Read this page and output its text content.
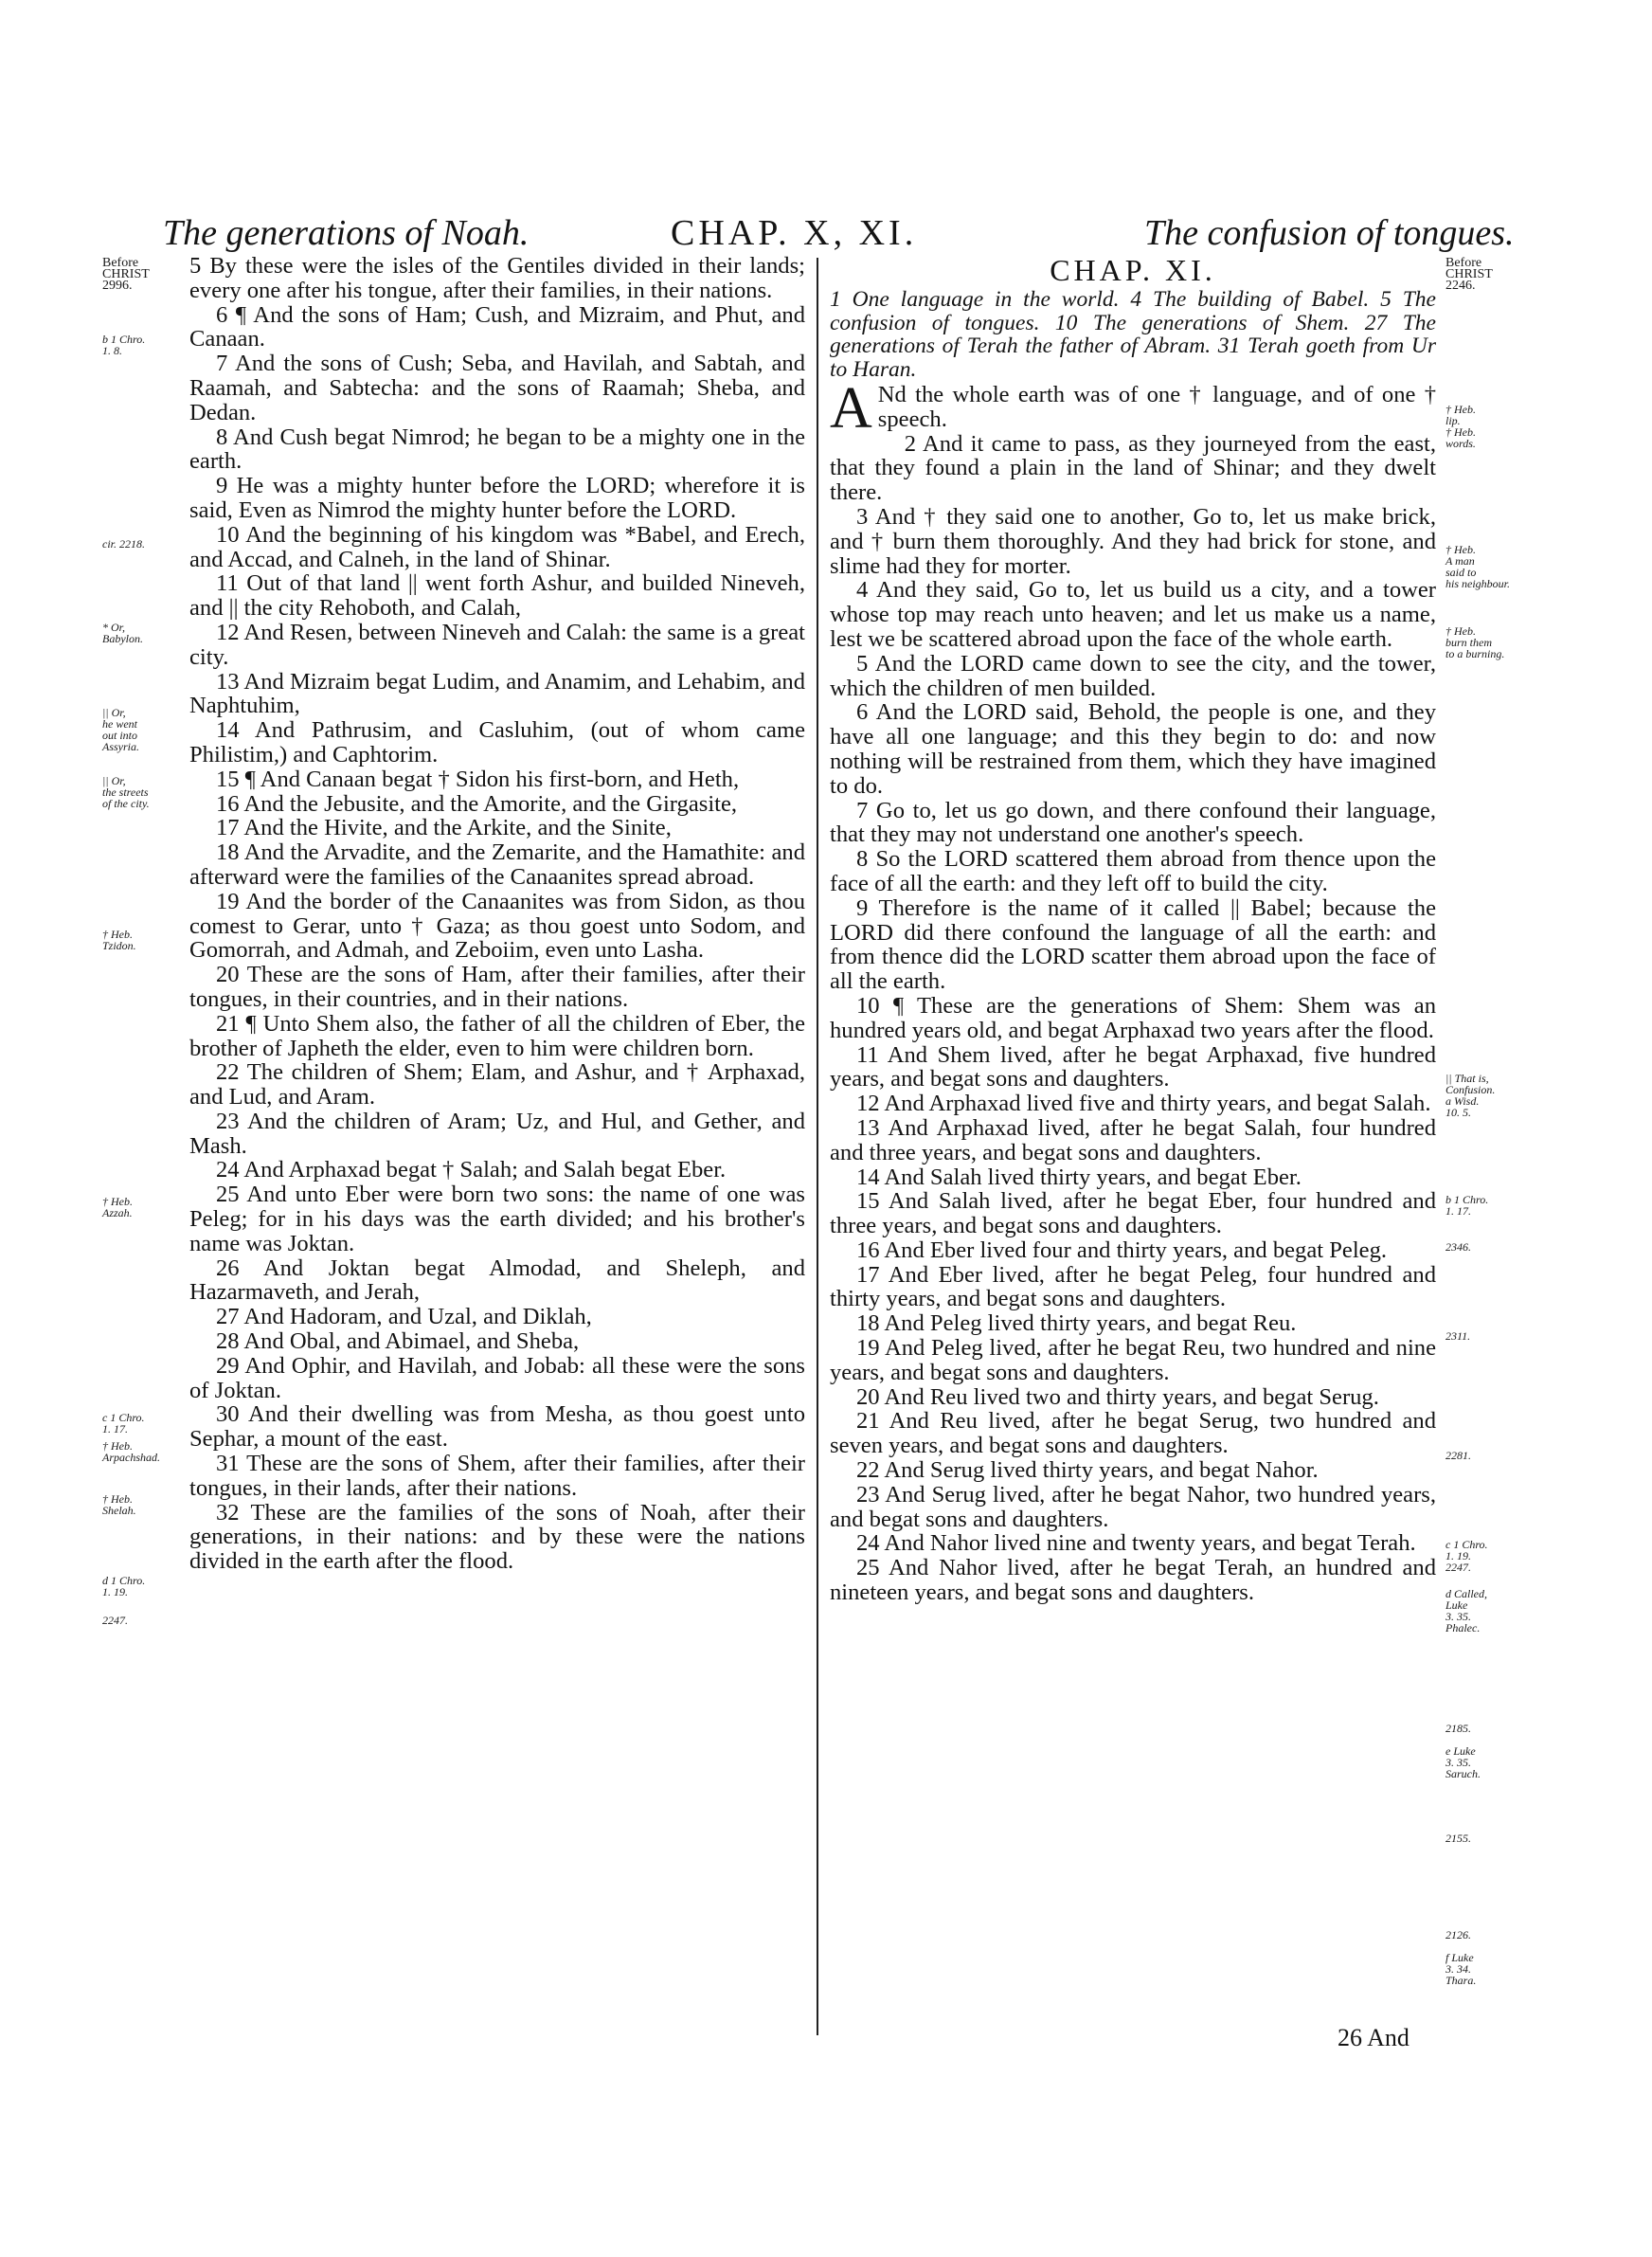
The generations of Noah.	CHAP. X, XI.	The confusion of tongues.

5 By these were the isles of the Gentiles divided in their lands; every one after his tongue, after their families, in their nations.

6 ¶ And the sons of Ham; Cush, and Mizraim, and Phut, and Canaan.

7 And the sons of Cush; Seba, and Havilah, and Sabtah, and Raamah, and Sabtecha: and the sons of Raamah; Sheba, and Dedan.

8 And Cush begat Nimrod; he began to be a mighty one in the earth.

9 He was a mighty hunter before the LORD; wherefore it is said, Even as Nimrod the mighty hunter before the LORD.

10 And the beginning of his kingdom was *Babel, and Erech, and Accad, and Calneh, in the land of Shinar.

11 Out of that land || went forth Ashur, and builded Nineveh, and || the city Rehoboth, and Calah,

12 And Resen, between Nineveh and Calah: the same is a great city.

13 And Mizraim begat Ludim, and Anamim, and Lehabim, and Naphtuhim,

14 And Pathrusim, and Casluhim, (out of whom came Philistim,) and Caphtorim.

15 ¶ And Canaan begat † Sidon his first-born, and Heth,

16 And the Jebusite, and the Amorite, and the Girgasite,

17 And the Hivite, and the Arkite, and the Sinite,

18 And the Arvadite, and the Zemarite, and the Hamathite: and afterward were the families of the Canaanites spread abroad.

19 And the border of the Canaanites was from Sidon, as thou comest to Gerar, unto † Gaza; as thou goest unto Sodom, and Gomorrah, and Admah, and Zeboiim, even unto Lasha.

20 These are the sons of Ham, after their families, after their tongues, in their countries, and in their nations.

21 ¶ Unto Shem also, the father of all the children of Eber, the brother of Japheth the elder, even to him were children born.

22 The children of Shem; Elam, and Ashur, and † Arphaxad, and Lud, and Aram.

23 And the children of Aram; Uz, and Hul, and Gether, and Mash.

24 And Arphaxad begat † Salah; and Salah begat Eber.

25 And unto Eber were born two sons: the name of one was Peleg; for in his days was the earth divided; and his brother's name was Joktan.

26 And Joktan begat Almodad, and Sheleph, and Hazarmaveth, and Jerah,

27 And Hadoram, and Uzal, and Diklah,

28 And Obal, and Abimael, and Sheba,

29 And Ophir, and Havilah, and Jobab: all these were the sons of Joktan.

30 And their dwelling was from Mesha, as thou goest unto Sephar, a mount of the east.

31 These are the sons of Shem, after their families, after their tongues, in their lands, after their nations.

32 These are the families of the sons of Noah, after their generations, in their nations: and by these were the nations divided in the earth after the flood.

CHAP. XI.

1 One language in the world. 4 The building of Babel. 5 The confusion of tongues. 10 The generations of Shem. 27 The generations of Terah the father of Abram. 31 Terah goeth from Ur to Haran.

A Nd the whole earth was of one † language, and of one † speech.

2 And it came to pass, as they journeyed from the east, that they found a plain in the land of Shinar; and they dwelt there.

3 And † they said one to another, Go to, let us make brick, and † burn them thoroughly. And they had brick for stone, and slime had they for morter.

4 And they said, Go to, let us build us a city, and a tower whose top may reach unto heaven; and let us make us a name, lest we be scattered abroad upon the face of the whole earth.

5 And the LORD came down to see the city, and the tower, which the children of men builded.

6 And the LORD said, Behold, the people is one, and they have all one language; and this they begin to do: and now nothing will be restrained from them, which they have imagined to do.

7 Go to, let us go down, and there confound their language, that they may not understand one another's speech.

8 So the LORD scattered them abroad from thence upon the face of all the earth: and they left off to build the city.

9 Therefore is the name of it called || Babel; because the LORD did there confound the language of all the earth: and from thence did the LORD scatter them abroad upon the face of all the earth.

10 ¶ These are the generations of Shem: Shem was an hundred years old, and begat Arphaxad two years after the flood.

11 And Shem lived, after he begat Arphaxad, five hundred years, and begat sons and daughters.

12 And Arphaxad lived five and thirty years, and begat Salah.

13 And Arphaxad lived, after he begat Salah, four hundred and three years, and begat sons and daughters.

14 And Salah lived thirty years, and begat Eber.

15 And Salah lived, after he begat Eber, four hundred and three years, and begat sons and daughters.

16 And Eber lived four and thirty years, and begat Peleg.

17 And Eber lived, after he begat Peleg, four hundred and thirty years, and begat sons and daughters.

18 And Peleg lived thirty years, and begat Reu.

19 And Peleg lived, after he begat Reu, two hundred and nine years, and begat sons and daughters.

20 And Reu lived two and thirty years, and begat Serug.

21 And Reu lived, after he begat Serug, two hundred and seven years, and begat sons and daughters.

22 And Serug lived thirty years, and begat Nahor.

23 And Serug lived, after he begat Nahor, two hundred years, and begat sons and daughters.

24 And Nahor lived nine and twenty years, and begat Terah.

25 And Nahor lived, after he begat Terah, an hundred and nineteen years, and begat sons and daughters.

26 And
Before
CHRIST
2996.
b 1 Chro.
1. 8.
cir. 2218.
* Or,
Babylon.
|| Or,
he went
out into
Assyria.
|| Or,
the streets
of the city.
† Heb.
Tzidon.
† Heb.
Azzah.
c 1 Chro.
1. 17.
† Heb.
Arpachshad.
† Heb.
Shelah.
d 1 Chro.
1. 19.
2247.
Before
CHRIST
2246.
† Heb.
lip.
† Heb.
words.
† Heb.
A man
said to
his neighbour.
† Heb.
burn them
to a burning.
|| That is,
Confusion.
a Wisd.
10. 5.
b 1 Chro.
1. 17.
2346.
2311.
2281.
c 1 Chro.
1. 19.
2247.
d Called,
Luke
3. 35.
Phalec.
2185.
e Luke
3. 35.
Saruch.
2155.
2126.
f Luke
3. 34.
Thara.
